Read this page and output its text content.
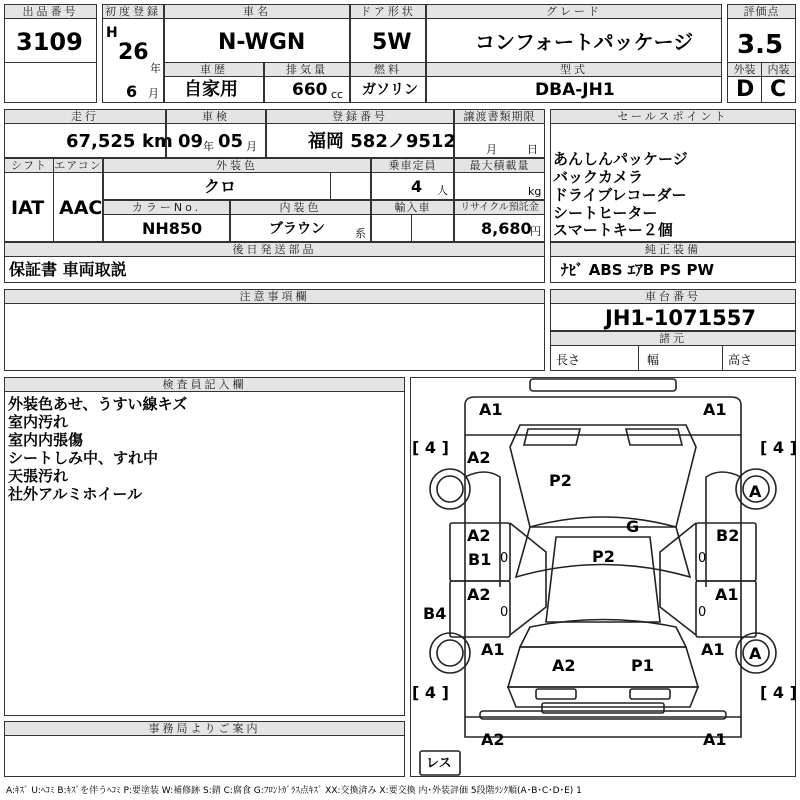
出品番号
3109
初度登録
H
26
年
6 月
車名
N-WGN
ドア形状
5W
グレード
コンフォートパッケージ
評価点
3.5
車歴
自家用
排気量
660 cc
燃料
ガソリン
型式
DBA-JH1
外装	内装
D C
走行
67,525 km
車検
09 年 05 月
登録番号
福岡 582ノ9512
譲渡書類期限
月	日
シフト エアコン
IAT AAC
外装色
クロ
乗車定員
4 人
最大積載量
kg
カラーNo.
NH850
内装色
ブラウン	系
輸入車	リサイクル預託金
8,680
円
後日発送部品
保証書 車両取説
セールスポイント
あんしんパッケージ
バックカメラ
ドライブレコーダー
シートヒーター
スマートキー２個
純正装備
ﾅﾋﾞ ABS ｴｱB PS PW
注意事項欄	車台番号
JH1-1071557
諸元
長さ	幅	高さ
検査員記入欄
外装色あせ、うすい線キズ
室内汚れ
室内内張傷
シートしみ中、すれ中
天張汚れ
社外アルミホイール
事務局よりご案内
A1	A1
[ 4 ]	[ 4 ]
A2
A
P2
G
A2
B1 0	P2
B2
0
A2
0
A1
0
B4
A1	A1 A
A2	P1
[ 4 ]	[ 4 ]
A2	A1
レス
A:ｷｽﾞ U:ﾍｺﾐ B:ｷｽﾞを伴うﾍｺﾐ P:要塗装 W:補修跡 S:錆 C:腐食 G:ﾌﾛﾝﾄｶﾞﾗｽ点ｷｽﾞ XX:交換済み X:要交換 内･外装評価 5段階ﾗﾝｸ順(A･B･C･D･E) 1
